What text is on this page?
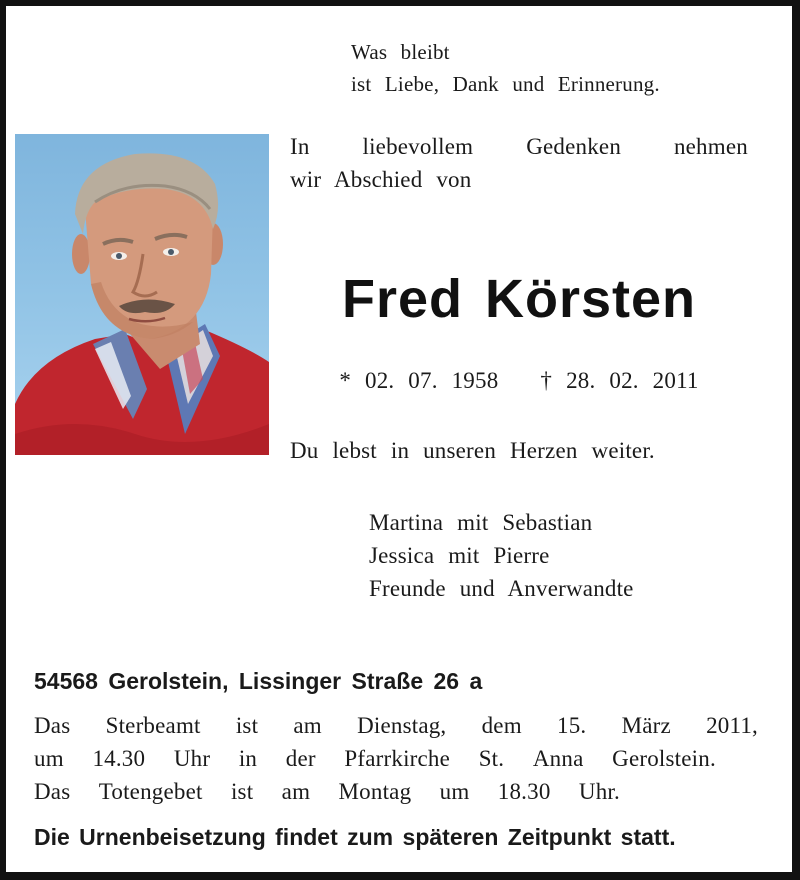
Was bleibt
ist Liebe, Dank und Erinnerung.
In liebevollem Gedenken nehmen
wir Abschied von
Fred Körsten
* 02. 07. 1958 † 28. 02. 2011
Du lebst in unseren Herzen weiter.
Martina mit Sebastian
Jessica mit Pierre
Freunde und Anverwandte
54568 Gerolstein, Lissinger Straße 26 a
Das Sterbeamt ist am Dienstag, dem 15. März 2011,
um 14.30 Uhr in der Pfarrkirche St. Anna Gerolstein.
Das Totengebet ist am Montag um 18.30 Uhr.
Die Urnenbeisetzung findet zum späteren Zeitpunkt statt.
